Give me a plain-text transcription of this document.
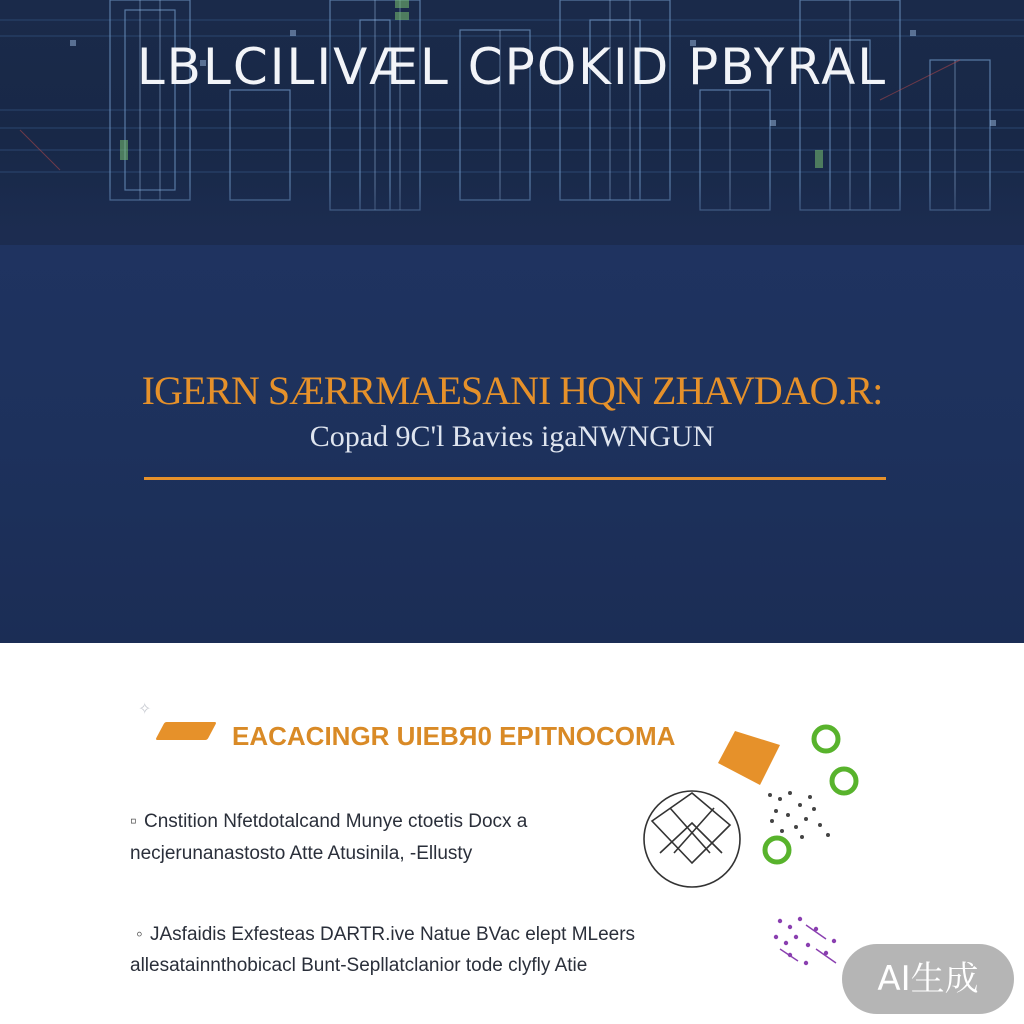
LBLCILIVÆL CPOKID PBYRAL
IGERN SÆRRMAESANI HQN ZHAVDAO.R:

Copad 9C'l Bavies igaNWNGUN

✧
EACACINGR UIEBЯ0 EPITNOCOMA
▫ Cnstition Nfetdotalcand Munye ctoetis Docx a
necjerunanastosto Atte Atusinila, -Ellusty
◦ JAsfaidis Exfesteas DARTR.ive Natue BVac elept MLeers
allesatainnthobicacl Bunt-Sepllatclanior tode clyfly Atie	AI生成
